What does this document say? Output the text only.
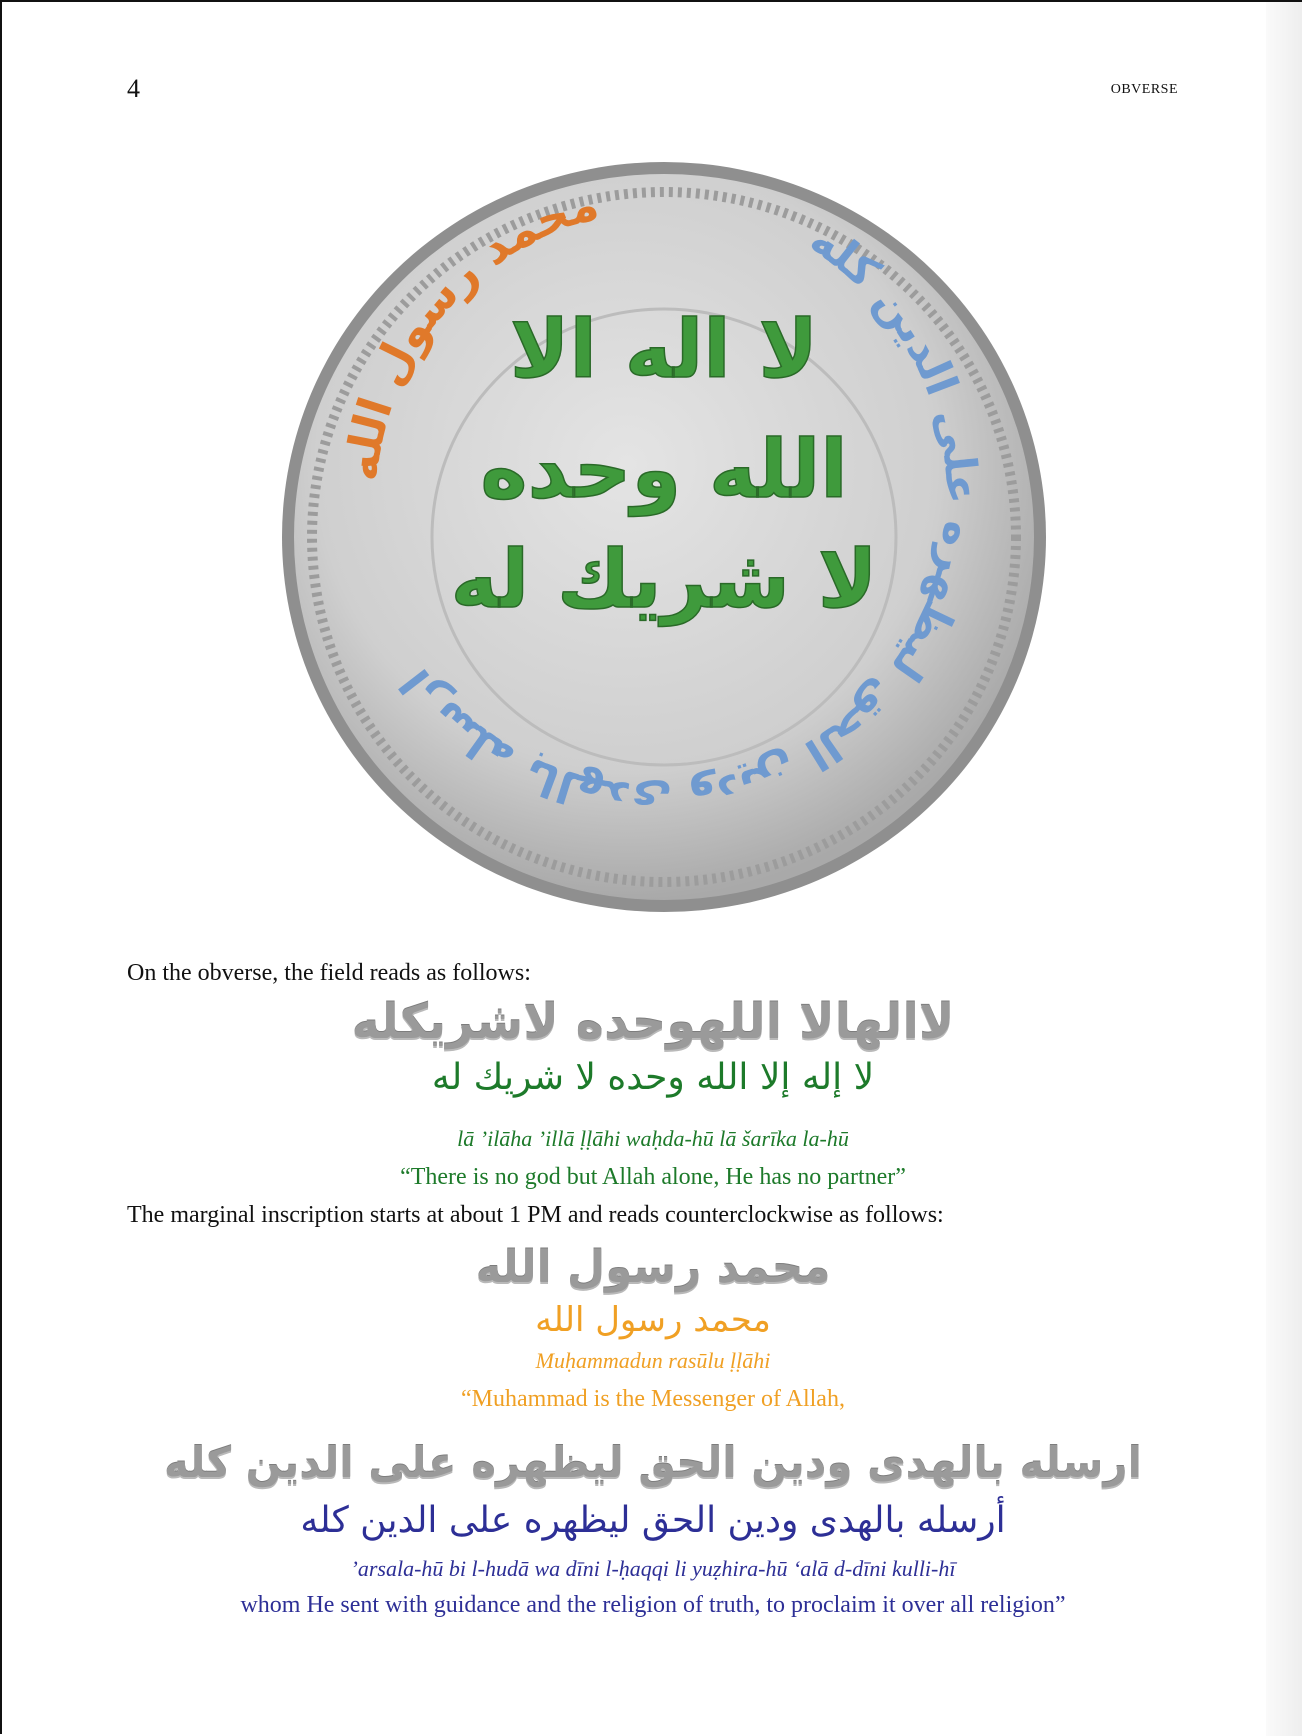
4	OBVERSE
محمد رسول الله
ارسله بالهدى ودين الحق ليظهره على الدين كله
لا اله الا
الله وحده
لا شريك له
On the obverse, the field reads as follows:
لاالهالا اللهوحده لاشريكله
لا إله إلا الله وحده لا شريك له
lā ’ilāha ’illā ḷḷāhi waḥda-hū lā šarīka la-hū
“There is no god but Allah alone, He has no partner”
The marginal inscription starts at about 1 PM and reads counterclockwise as follows:
محمد رسول الله
محمد رسول الله
Muḥammadun rasūlu ḷḷāhi
“Muhammad is the Messenger of Allah,
ارسله بالهدى ودين الحق ليظهره على الدين كله
أرسله بالهدى ودين الحق ليظهره على الدين كله
’arsala-hū bi l-hudā wa dīni l-ḥaqqi li yuẓhira-hū ‘alā d-dīni kulli-hī
whom He sent with guidance and the religion of truth, to proclaim it over all religion”
